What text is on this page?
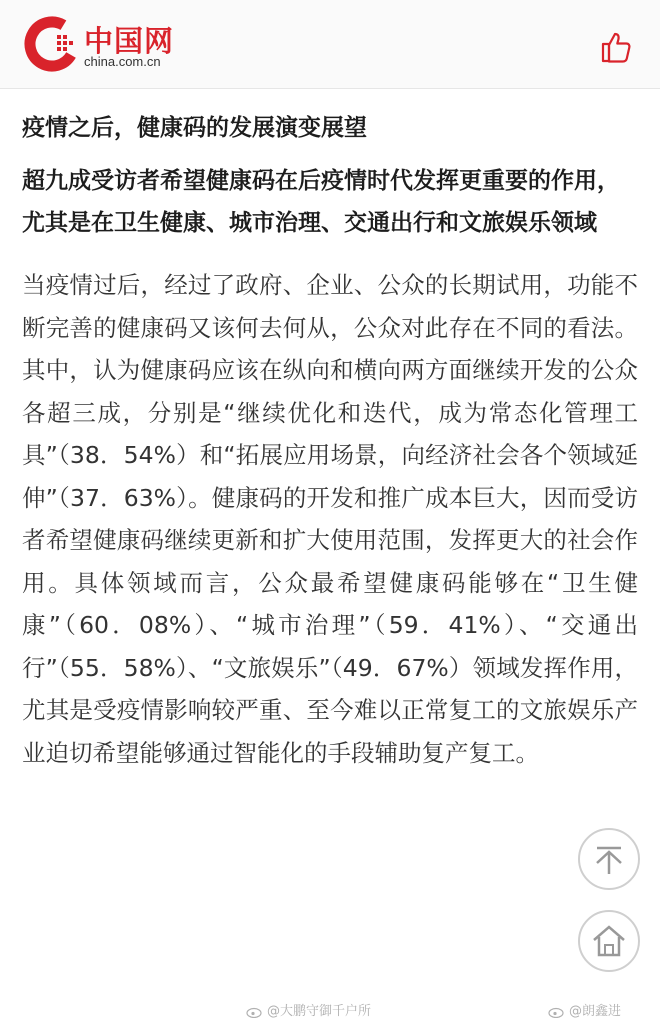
中国网
china.com.cn
疫情之后，健康码的发展演变展望
超九成受访者希望健康码在后疫情时代发挥更重要的作用，尤其是在卫生健康、城市治理、交通出行和文旅娱乐领域

当疫情过后，经过了政府、企业、公众的长期试用，功能不断完善的健康码又该何去何从，公众对此存在不同的看法。其中，认为健康码应该在纵向和横向两方面继续开发的公众各超三成，分别是“继续优化和迭代，成为常态化管理工具”（38．54%）和“拓展应用场景，向经济社会各个领域延伸”（37．63%）。健康码的开发和推广成本巨大，因而受访者希望健康码继续更新和扩大使用范围，发挥更大的社会作用。具体领域而言，公众最希望健康码能够在“卫生健康”（60．08%）、“城市治理”（59．41%）、“交通出行”（55．58%）、“文旅娱乐”（49．67%）领域发挥作用，尤其是受疫情影响较严重、至今难以正常复工的文旅娱乐产业迫切希望能够通过智能化的手段辅助复产复工。

@大鹏守御千户所	@朗鑫进
